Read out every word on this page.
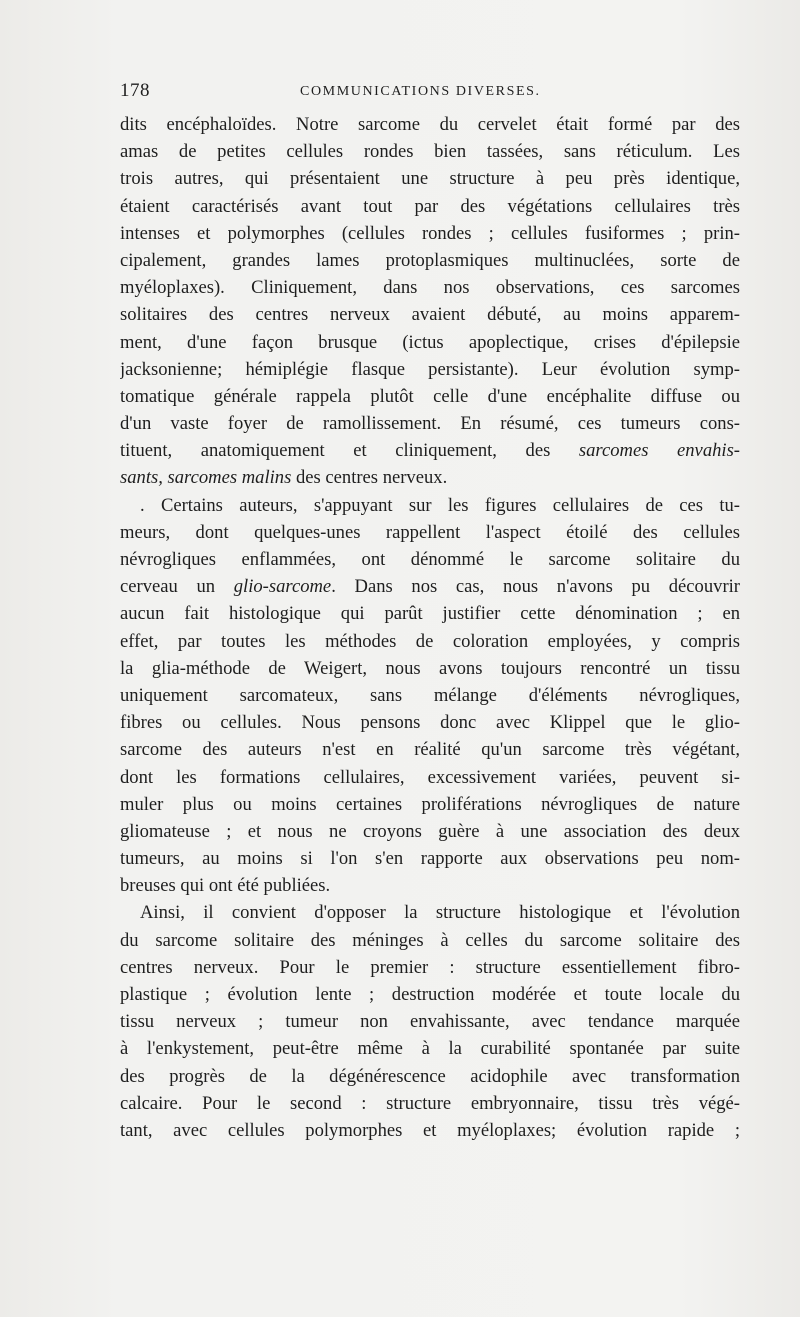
178	COMMUNICATIONS DIVERSES.
dits encéphaloïdes. Notre sarcome du cervelet était formé par des
amas de petites cellules rondes bien tassées, sans réticulum. Les
trois autres, qui présentaient une structure à peu près identique,
étaient caractérisés avant tout par des végétations cellulaires très
intenses et polymorphes (cellules rondes ; cellules fusiformes ; prin-
cipalement, grandes lames protoplasmiques multinuclées, sorte de
myéloplaxes). Cliniquement, dans nos observations, ces sarcomes
solitaires des centres nerveux avaient débuté, au moins apparem-
ment, d'une façon brusque (ictus apoplectique, crises d'épilepsie
jacksonienne; hémiplégie flasque persistante). Leur évolution symp-
tomatique générale rappela plutôt celle d'une encéphalite diffuse ou
d'un vaste foyer de ramollissement. En résumé, ces tumeurs cons-
tituent, anatomiquement et cliniquement, des sarcomes envahis-
sants, sarcomes malins des centres nerveux.
. Certains auteurs, s'appuyant sur les figures cellulaires de ces tu-
meurs, dont quelques-unes rappellent l'aspect étoilé des cellules
névrogliques enflammées, ont dénommé le sarcome solitaire du
cerveau un glio-sarcome. Dans nos cas, nous n'avons pu découvrir
aucun fait histologique qui parût justifier cette dénomination ; en
effet, par toutes les méthodes de coloration employées, y compris
la glia-méthode de Weigert, nous avons toujours rencontré un tissu
uniquement sarcomateux, sans mélange d'éléments névrogliques,
fibres ou cellules. Nous pensons donc avec Klippel que le glio-
sarcome des auteurs n'est en réalité qu'un sarcome très végétant,
dont les formations cellulaires, excessivement variées, peuvent si-
muler plus ou moins certaines proliférations névrogliques de nature
gliomateuse ; et nous ne croyons guère à une association des deux
tumeurs, au moins si l'on s'en rapporte aux observations peu nom-
breuses qui ont été publiées.
Ainsi, il convient d'opposer la structure histologique et l'évolution
du sarcome solitaire des méninges à celles du sarcome solitaire des
centres nerveux. Pour le premier : structure essentiellement fibro-
plastique ; évolution lente ; destruction modérée et toute locale du
tissu nerveux ; tumeur non envahissante, avec tendance marquée
à l'enkystement, peut-être même à la curabilité spontanée par suite
des progrès de la dégénérescence acidophile avec transformation
calcaire. Pour le second : structure embryonnaire, tissu très végé-
tant, avec cellules polymorphes et myéloplaxes; évolution rapide ;
